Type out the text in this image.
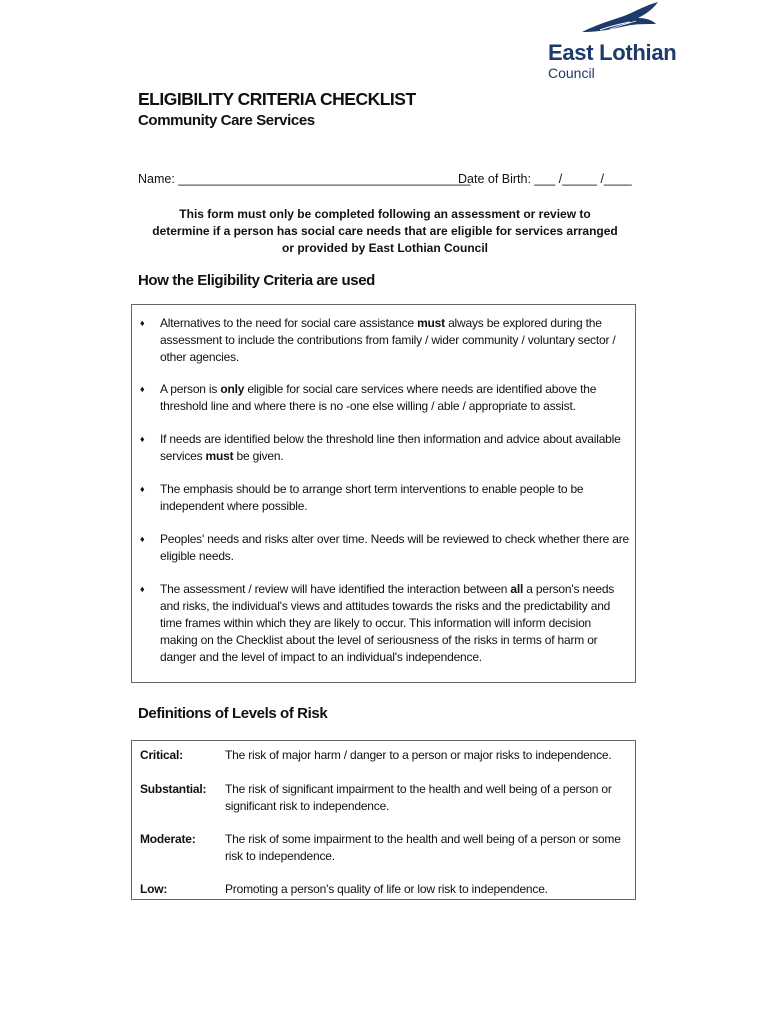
East Lothian
Council
ELIGIBILITY CRITERIA CHECKLIST
Community Care Services
Name: __________________________________________
Date of Birth: ___ /_____ /____
This form must only be completed following an assessment or review to determine if a person has social care needs that are eligible for services arranged or provided by East Lothian Council
How the Eligibility Criteria are used
♦ Alternatives to the need for social care assistance must always be explored during the assessment to include the contributions from family / wider community / voluntary sector / other agencies.
♦ A person is only eligible for social care services where needs are identified above the threshold line and where there is no -one else willing / able / appropriate to assist.
♦ If needs are identified below the threshold line then information and advice about available services must be given.
♦ The emphasis should be to arrange short term interventions to enable people to be independent where possible.
♦ Peoples' needs and risks alter over time. Needs will be reviewed to check whether there are eligible needs.
♦ The assessment / review will have identified the interaction between all a person's needs and risks, the individual's views and attitudes towards the risks and the predictability and time frames within which they are likely to occur. This information will inform decision making on the Checklist about the level of seriousness of the risks in terms of harm or danger and the level of impact to an individual's independence.
Definitions of Levels of Risk
Critical:	The risk of major harm / danger to a person or major risks to independence.
Substantial:	The risk of significant impairment to the health and well being of a person or significant risk to independence.
Moderate:	The risk of some impairment to the health and well being of a person or some risk to independence.
Low:	Promoting a person's quality of life or low risk to independence.
